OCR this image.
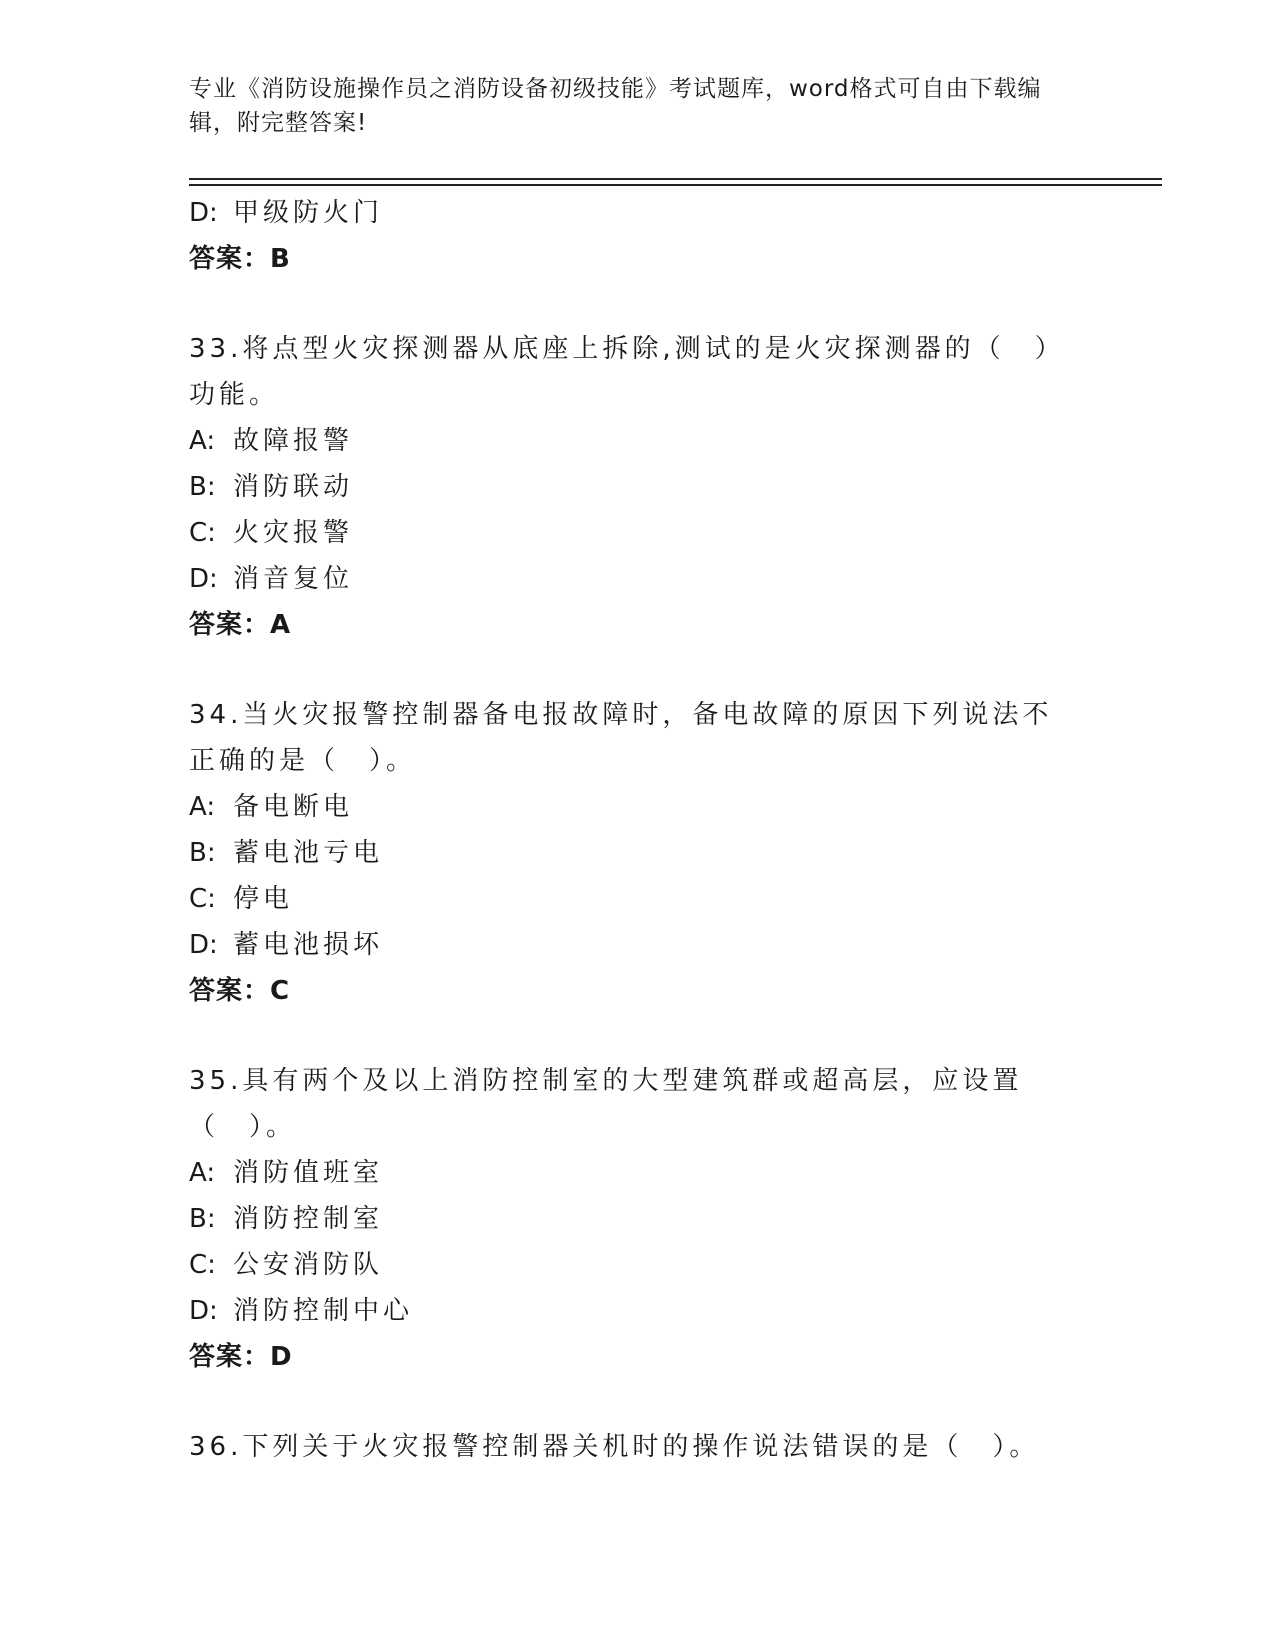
专业《消防设施操作员之消防设备初级技能》考试题库，word格式可自由下载编辑，附完整答案!
D: 甲级防火门
答案：B
33.将点型火灾探测器从底座上拆除,测试的是火灾探测器的（　）功能。
A: 故障报警
B: 消防联动
C: 火灾报警
D: 消音复位
答案：A
34.当火灾报警控制器备电报故障时，备电故障的原因下列说法不正确的是（　）。
A: 备电断电
B: 蓄电池亏电
C: 停电
D: 蓄电池损坏
答案：C
35.具有两个及以上消防控制室的大型建筑群或超高层，应设置（　）。
A: 消防值班室
B: 消防控制室
C: 公安消防队
D: 消防控制中心
答案：D
36.下列关于火灾报警控制器关机时的操作说法错误的是（　）。
